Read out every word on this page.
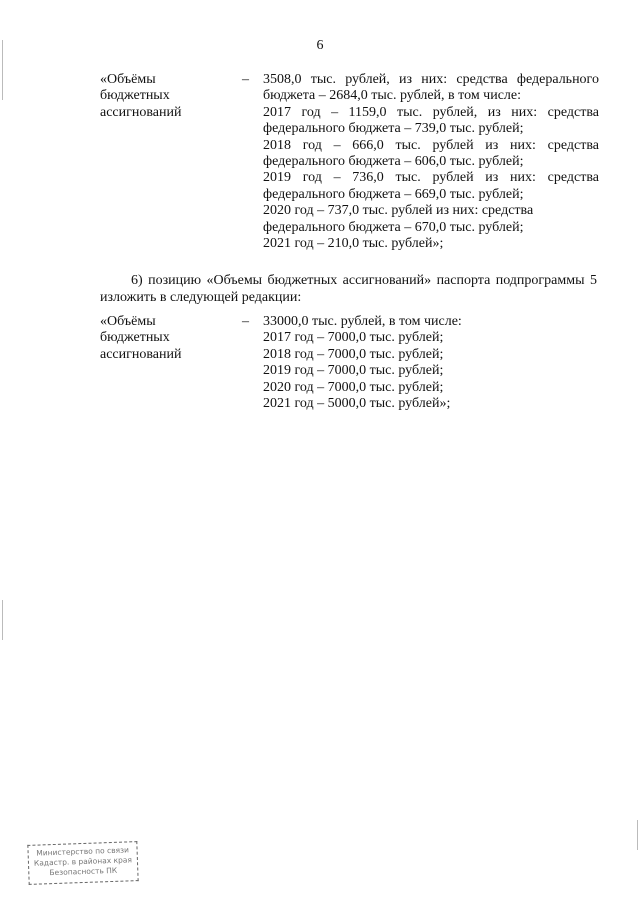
6
«Объёмы
бюджетных
ассигнований
– 3508,0 тыс. рублей, из них: средства федерального
бюджета – 2684,0 тыс. рублей, в том числе:
2017 год – 1159,0 тыс. рублей, из них: средства
федерального бюджета – 739,0 тыс. рублей;
2018 год – 666,0 тыс. рублей из них: средства
федерального бюджета – 606,0 тыс. рублей;
2019 год – 736,0 тыс. рублей из них: средства
федерального бюджета – 669,0 тыс. рублей;
2020 год – 737,0 тыс. рублей из них: средства
федерального бюджета – 670,0 тыс. рублей;
2021 год – 210,0 тыс. рублей»;
6) позицию «Объемы бюджетных ассигнований» паспорта подпрограммы 5
изложить в следующей редакции:
«Объёмы
бюджетных
ассигнований
– 33000,0 тыс. рублей, в том числе:
2017 год – 7000,0 тыс. рублей;
2018 год – 7000,0 тыс. рублей;
2019 год – 7000,0 тыс. рублей;
2020 год – 7000,0 тыс. рублей;
2021 год – 5000,0 тыс. рублей»;
Министерство по связи
Кадастр. в районах края
Безопасность ПК
